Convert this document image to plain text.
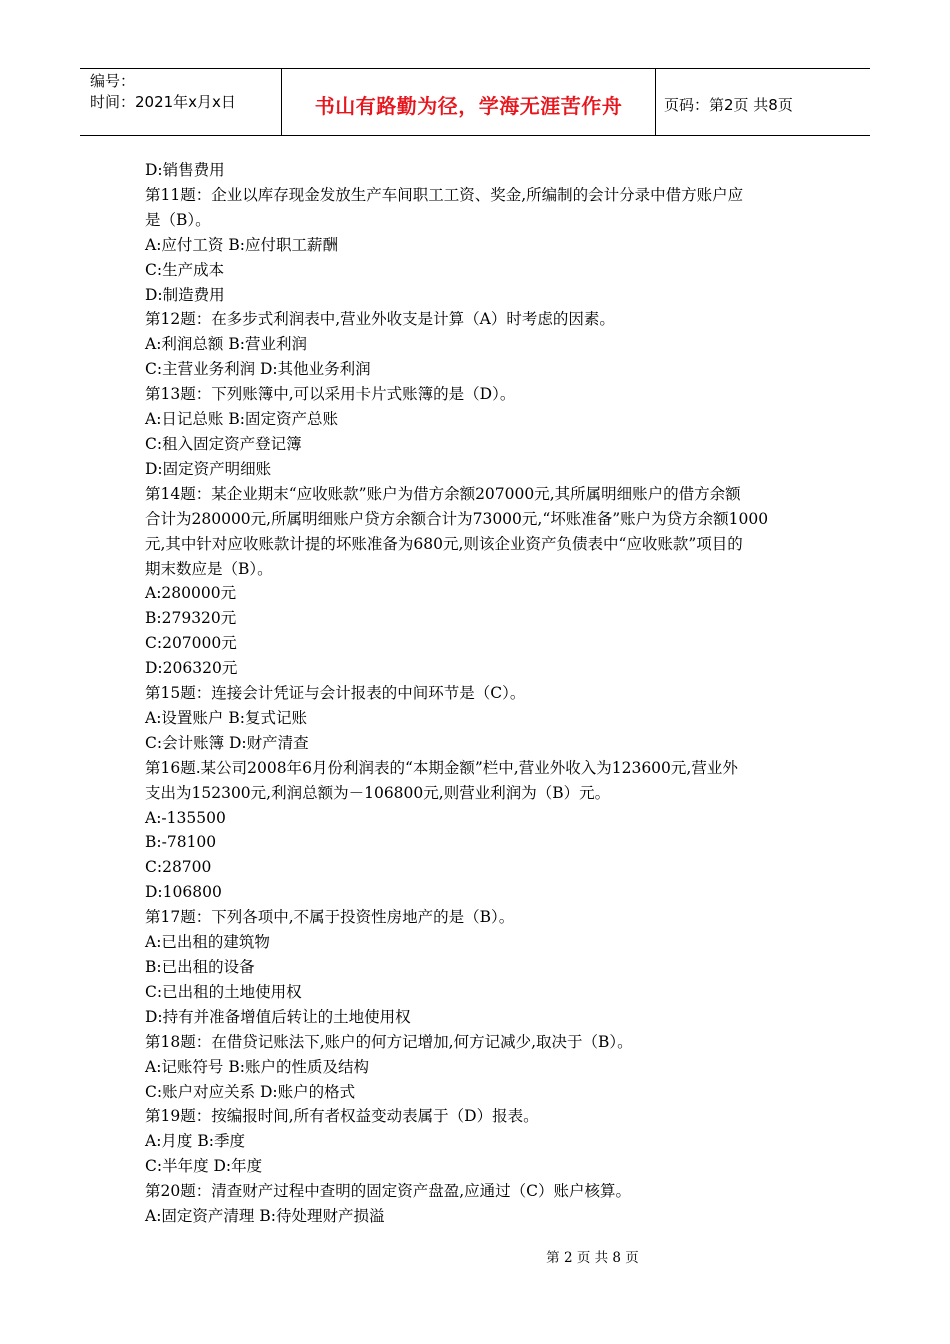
编号：
时间：2021年x月x日	书山有路勤为径，学海无涯苦作舟	页码：第2页 共8页

D:销售费用

第11题：企业以库存现金发放生产车间职工工资、奖金,所编制的会计分录中借方账户应

是（B）。

A:应付工资 B:应付职工薪酬

C:生产成本

D:制造费用

第12题：在多步式利润表中,营业外收支是计算（A）时考虑的因素。

A:利润总额 B:营业利润

C:主营业务利润 D:其他业务利润

第13题：下列账簿中,可以采用卡片式账簿的是（D）。

A:日记总账 B:固定资产总账

C:租入固定资产登记簿

D:固定资产明细账

第14题：某企业期末“应收账款”账户为借方余额207000元,其所属明细账户的借方余额

合计为280000元,所属明细账户贷方余额合计为73000元,“坏账准备”账户为贷方余额1000

元,其中针对应收账款计提的坏账准备为680元,则该企业资产负债表中“应收账款”项目的

期末数应是（B）。

A:280000元

B:279320元

C:207000元

D:206320元

第15题：连接会计凭证与会计报表的中间环节是（C）。

A:设置账户 B:复式记账

C:会计账簿 D:财产清查

第16题.某公司2008年6月份利润表的“本期金额”栏中,营业外收入为123600元,营业外

支出为152300元,利润总额为－106800元,则营业利润为（B）元。

A:-135500

B:-78100

C:28700

D:106800

第17题：下列各项中,不属于投资性房地产的是（B）。

A:已出租的建筑物

B:已出租的设备

C:已出租的土地使用权

D:持有并准备增值后转让的土地使用权

第18题：在借贷记账法下,账户的何方记增加,何方记减少,取决于（B）。

A:记账符号 B:账户的性质及结构

C:账户对应关系 D:账户的格式

第19题：按编报时间,所有者权益变动表属于（D）报表。

A:月度 B:季度

C:半年度 D:年度

第20题：清查财产过程中查明的固定资产盘盈,应通过（C）账户核算。

A:固定资产清理 B:待处理财产损溢

第 2 页 共 8 页
